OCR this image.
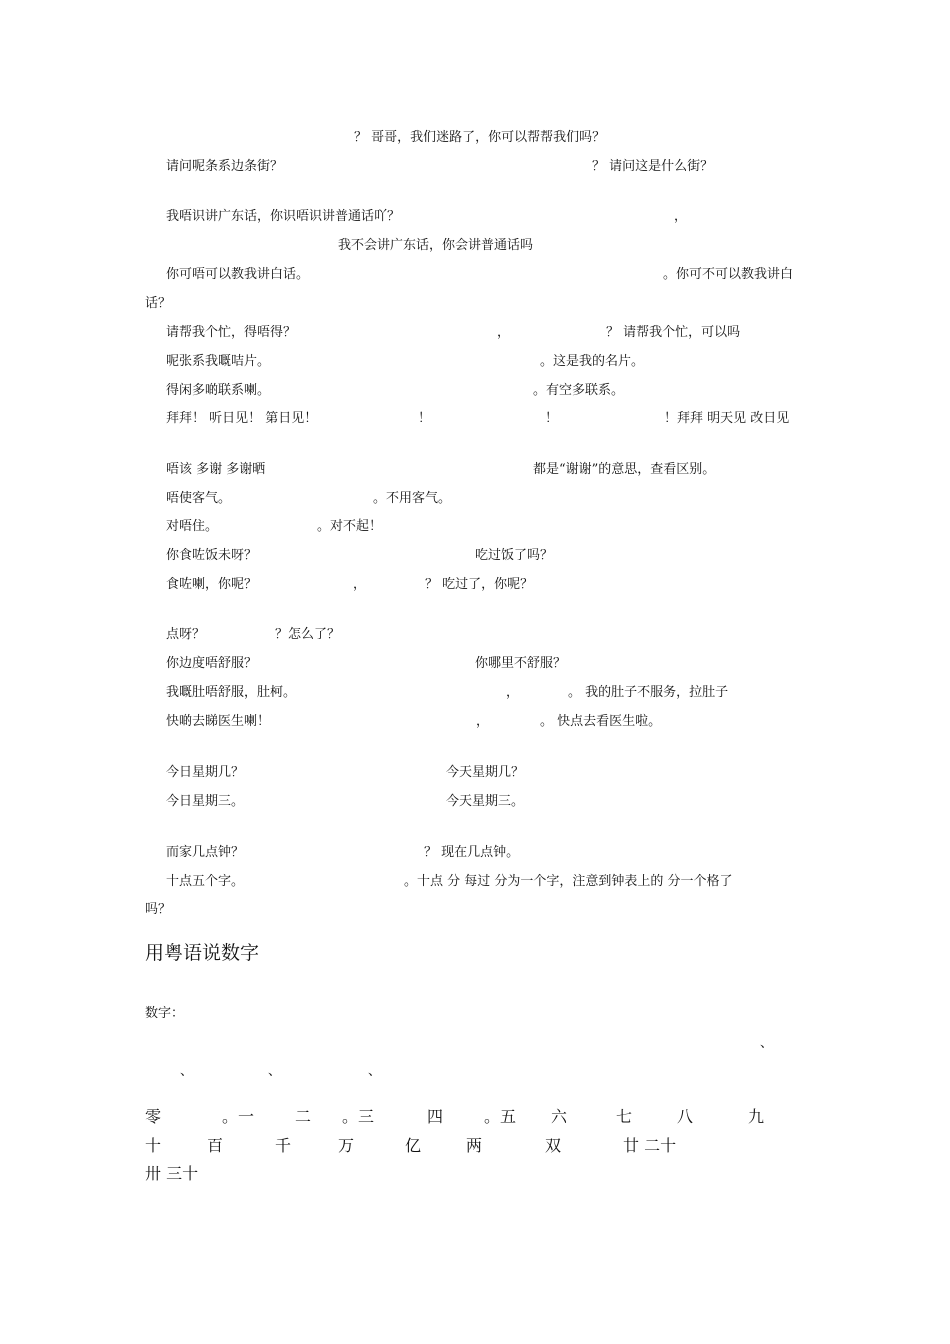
？ 哥哥，我们迷路了，你可以帮帮我们吗？
请问呢条系边条街？	？ 请问这是什么街？
我唔识讲广东话，你识唔识讲普通话吖？	，
我不会讲广东话，你会讲普通话吗
你可唔可以教我讲白话。	。你可不可以教我讲白
话？
请帮我个忙，得唔得？	，	？ 请帮我个忙，可以吗
呢张系我嘅咭片。	。这是我的名片。
得闲多啲联系喇。	。有空多联系。
拜拜！ 听日见！ 第日见！	！	！	！拜拜 明天见 改日见
唔该 多谢 多谢晒	都是“谢谢”的意思，查看区别。
唔使客气。	。不用客气。
对唔住。	。对不起！
你食咗饭未呀？	吃过饭了吗？
食咗喇，你呢？	，	？ 吃过了，你呢？
点呀？	？怎么了？
你边度唔舒服？	你哪里不舒服？
我嘅肚唔舒服，肚柯。	，	。 我的肚子不服务，拉肚子
快啲去睇医生喇！	，	。 快点去看医生啦。
今日星期几？	今天星期几？
今日星期三。	今天星期三。
而家几点钟？	？ 现在几点钟。
十点五个字。	。十点 分 每过 分为一个字，注意到钟表上的 分一个格了
吗？
用粤语说数字
数字：
、
、	、	、
零	。一	二 。三	四	。五 六	七	八	九
十	百	千	万	亿	两	双	廿 二十
卅 三十
